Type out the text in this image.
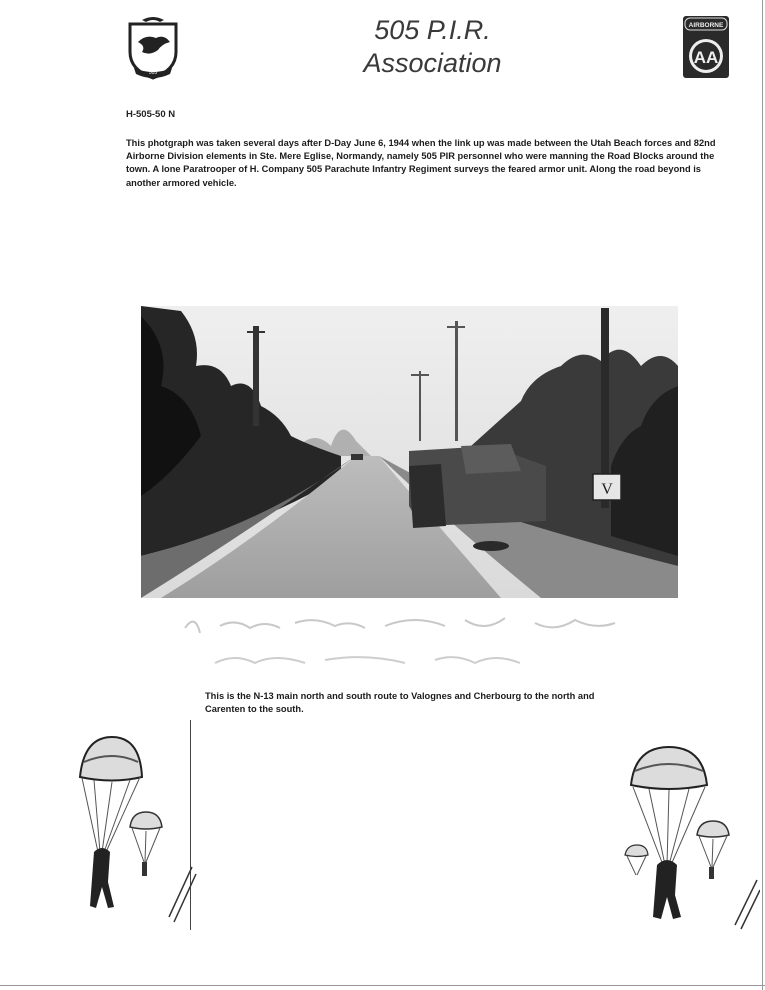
505
505 P.I.R.
Association
AIRBORNE
AA
H-505-50 N
This photgraph was taken several days after D-Day June 6, 1944 when the link up was made between the Utah Beach forces and 82nd Airborne Division elements in Ste. Mere Eglise, Normandy, namely 505 PIR personnel who were manning the Road Blocks around the town. A lone Paratrooper of H. Company 505 Parachute Infantry Regiment surveys the feared armor unit. Along the road beyond is another armored vehicle.
V
This is the N-13 main north and south route to Valognes and Cherbourg to the north and Carenten to the south.
